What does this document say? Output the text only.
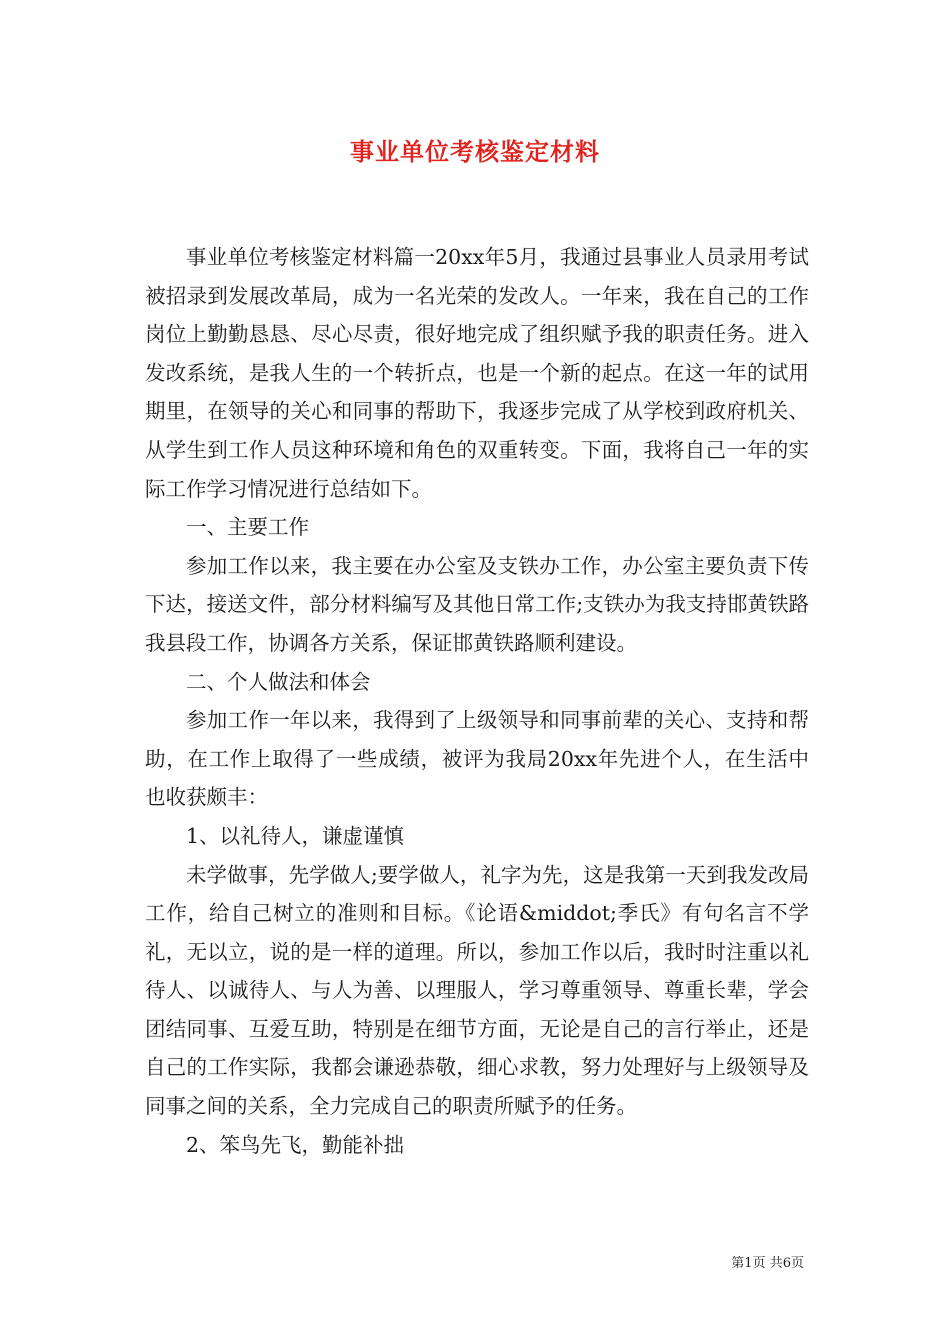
事业单位考核鉴定材料

事业单位考核鉴定材料篇一20xx年5月，我通过县事业人员录用考试被招录到发展改革局，成为一名光荣的发改人。一年来，我在自己的工作岗位上勤勤恳恳、尽心尽责，很好地完成了组织赋予我的职责任务。进入发改系统，是我人生的一个转折点，也是一个新的起点。在这一年的试用期里，在领导的关心和同事的帮助下，我逐步完成了从学校到政府机关、从学生到工作人员这种环境和角色的双重转变。下面，我将自己一年的实际工作学习情况进行总结如下。

一、主要工作

参加工作以来，我主要在办公室及支铁办工作，办公室主要负责下传下达，接送文件，部分材料编写及其他日常工作;支铁办为我支持邯黄铁路我县段工作，协调各方关系，保证邯黄铁路顺利建设。

二、个人做法和体会

参加工作一年以来，我得到了上级领导和同事前辈的关心、支持和帮助，在工作上取得了一些成绩，被评为我局20xx年先进个人，在生活中也收获颇丰：

1、以礼待人，谦虚谨慎

未学做事，先学做人;要学做人，礼字为先，这是我第一天到我发改局工作，给自己树立的准则和目标。《论语&middot;季氏》有句名言不学礼，无以立，说的是一样的道理。所以，参加工作以后，我时时注重以礼待人、以诚待人、与人为善、以理服人，学习尊重领导、尊重长辈，学会团结同事、互爱互助，特别是在细节方面，无论是自己的言行举止，还是自己的工作实际，我都会谦逊恭敬，细心求教，努力处理好与上级领导及同事之间的关系，全力完成自己的职责所赋予的任务。

2、笨鸟先飞，勤能补拙

第1页 共6页
